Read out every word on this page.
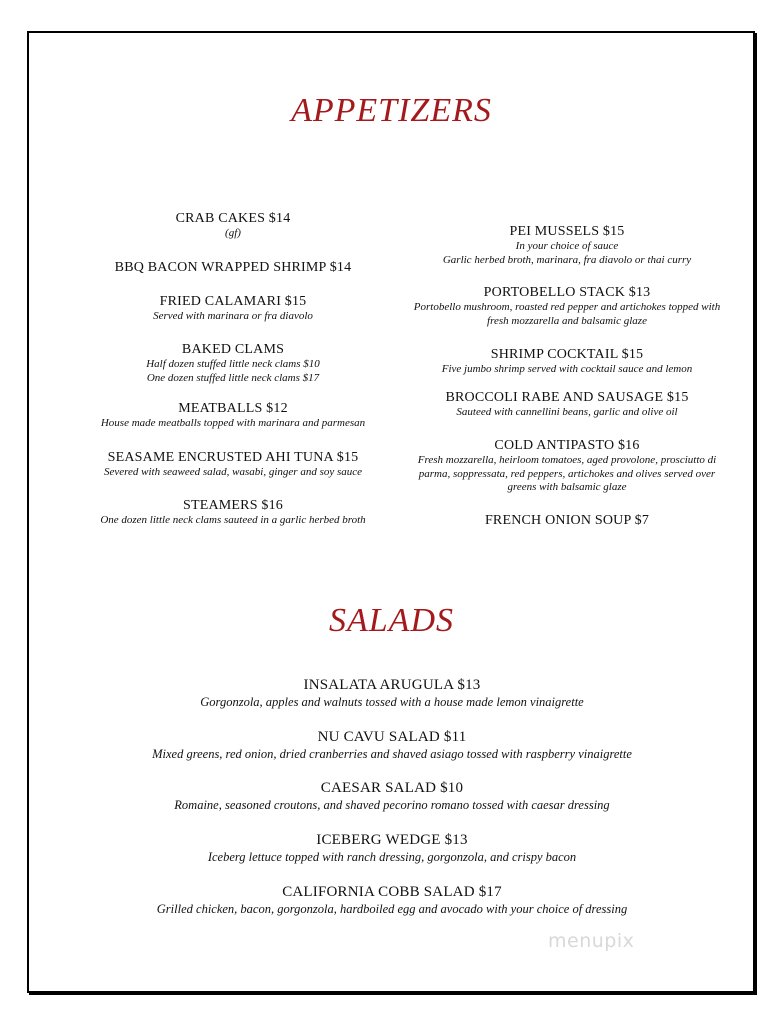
APPETIZERS
CRAB CAKES $14
(gf)
BBQ BACON WRAPPED SHRIMP $14
FRIED CALAMARI $15
Served with marinara or fra diavolo
BAKED CLAMS
Half dozen stuffed little neck clams $10
One dozen stuffed little neck clams $17
MEATBALLS $12
House made meatballs topped with marinara and parmesan
SEASAME ENCRUSTED AHI TUNA $15
Severed with seaweed salad, wasabi, ginger and soy sauce
STEAMERS $16
One dozen little neck clams sauteed in a garlic herbed broth
PEI MUSSELS $15
In your choice of sauce
Garlic herbed broth, marinara, fra diavolo or thai curry
PORTOBELLO STACK $13
Portobello mushroom, roasted red pepper and artichokes topped with
fresh mozzarella and balsamic glaze
SHRIMP COCKTAIL $15
Five jumbo shrimp served with cocktail sauce and lemon
BROCCOLI RABE AND SAUSAGE $15
Sauteed with cannellini beans, garlic and olive oil
COLD ANTIPASTO $16
Fresh mozzarella, heirloom tomatoes, aged provolone, prosciutto di
parma, soppressata, red peppers, artichokes and olives served over
greens with balsamic glaze
FRENCH ONION SOUP $7
SALADS
INSALATA ARUGULA $13
Gorgonzola, apples and walnuts tossed with a house made lemon vinaigrette
NU CAVU SALAD $11
Mixed greens, red onion, dried cranberries and shaved asiago tossed with raspberry vinaigrette
CAESAR SALAD $10
Romaine, seasoned croutons, and shaved pecorino romano tossed with caesar dressing
ICEBERG WEDGE $13
Iceberg lettuce topped with ranch dressing, gorgonzola, and crispy bacon
CALIFORNIA COBB SALAD $17
Grilled chicken, bacon, gorgonzola, hardboiled egg and avocado with your choice of dressing
menupix
